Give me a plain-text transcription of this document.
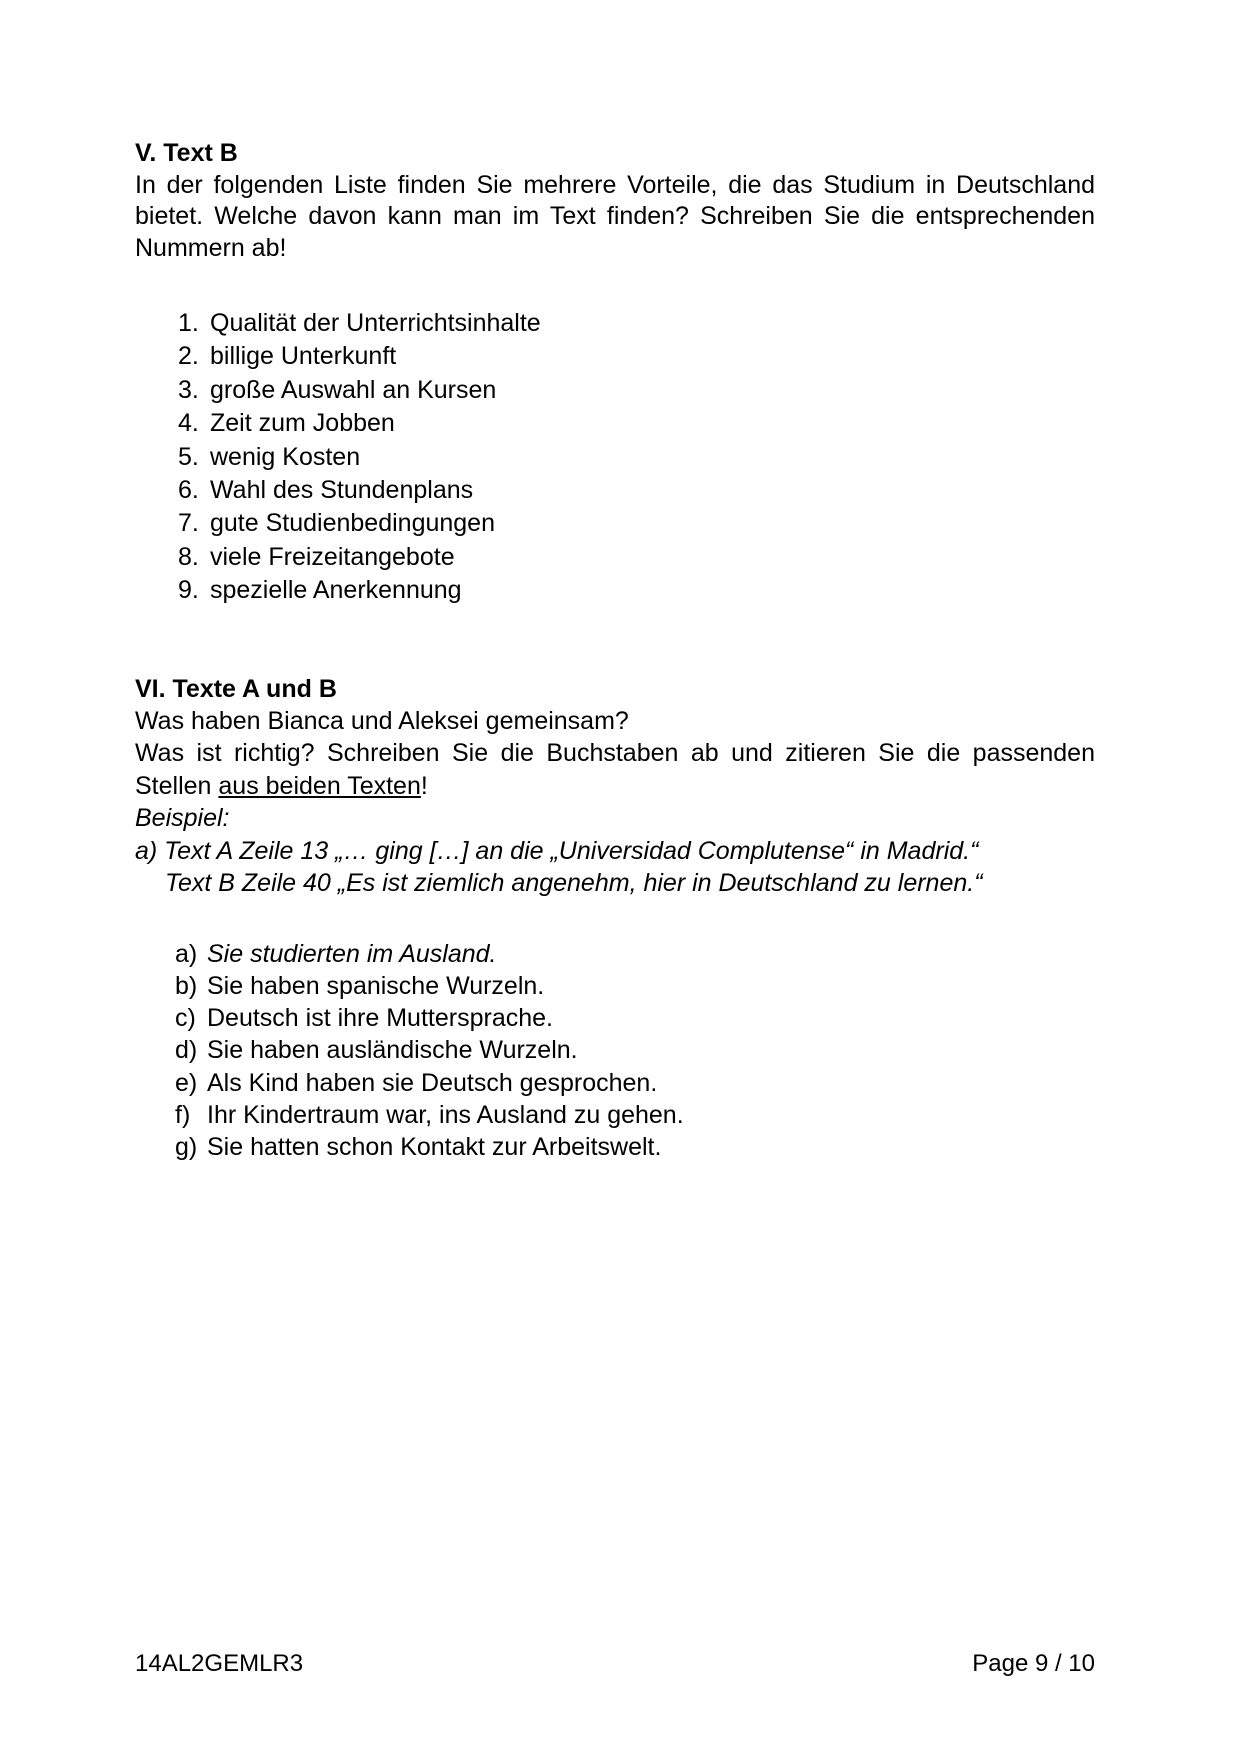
V. Text B
In der folgenden Liste finden Sie mehrere Vorteile, die das Studium in Deutschland bietet. Welche davon kann man im Text finden? Schreiben Sie die entsprechenden Nummern ab!
1. Qualität der Unterrichtsinhalte
2. billige Unterkunft
3. große Auswahl an Kursen
4. Zeit zum Jobben
5. wenig Kosten
6. Wahl des Stundenplans
7. gute Studienbedingungen
8. viele Freizeitangebote
9. spezielle Anerkennung
VI. Texte A und B
Was haben Bianca und Aleksei gemeinsam?
Was ist richtig? Schreiben Sie die Buchstaben ab und zitieren Sie die passenden Stellen aus beiden Texten!
Beispiel:
a) Text A Zeile 13 „… ging […] an die „Universidad Complutense“ in Madrid.“
Text B Zeile 40 „Es ist ziemlich angenehm, hier in Deutschland zu lernen.“
a) Sie studierten im Ausland.
b) Sie haben spanische Wurzeln.
c) Deutsch ist ihre Muttersprache.
d) Sie haben ausländische Wurzeln.
e) Als Kind haben sie Deutsch gesprochen.
f) Ihr Kindertraum war, ins Ausland zu gehen.
g) Sie hatten schon Kontakt zur Arbeitswelt.
14AL2GEMLR3	Page 9 / 10
